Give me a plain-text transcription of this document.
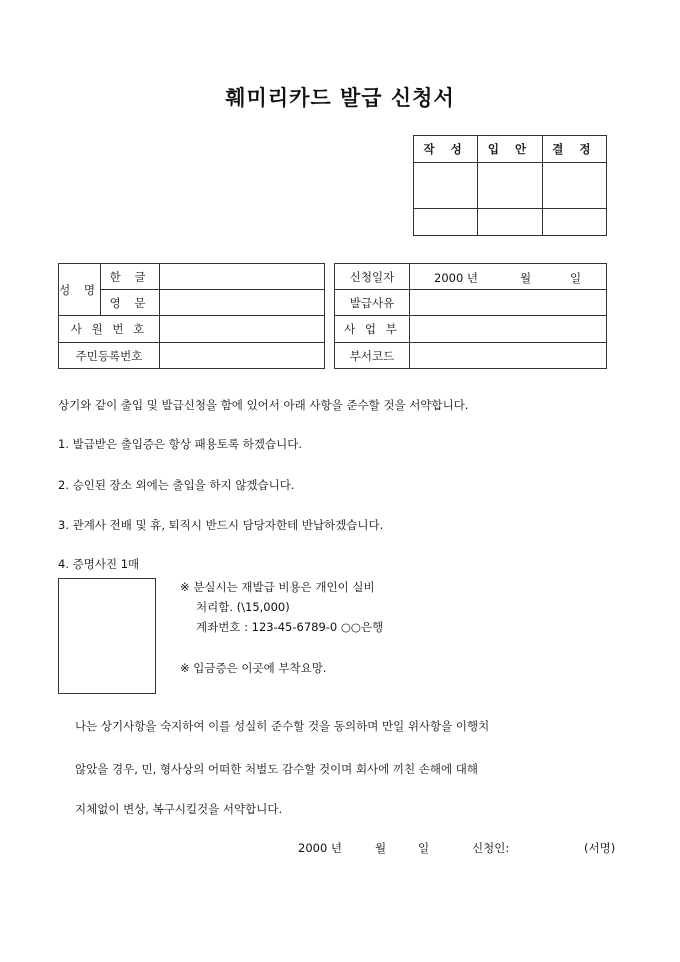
훼미리카드 발급 신청서
작 성	입 안	결 정

성 명	한 글	
	영 문	
사 원 번 호		
주민등록번호		
신청일자	2000 년 월 일

발급사유	
사 업 부	
부서코드	
상기와 같이 출입 및 발급신청을 함에 있어서 아래 사항을 준수할 것을 서약합니다.
1. 발급받은 출입증은 항상 패용토록 하겠습니다.
2. 승인된 장소 외에는 출입을 하지 않겠습니다.
3. 관계사 전배 및 휴, 퇴직시 반드시 담당자한테 반납하겠습니다.
4. 증명사진 1매
※ 분실시는 재발급 비용은 개인이 실비
처리함. (\15,000)
계좌번호 : 123-45-6789-0 ○○은행
※ 입금증은 이곳에 부착요망.
나는 상기사항을 숙지하여 이를 성실히 준수할 것을 동의하며 만일 위사항을 이행치
않았을 경우, 민, 형사상의 어떠한 처벌도 감수할 것이며 회사에 끼친 손해에 대해
지체없이 변상, 복구시킬것을 서약합니다.
2000 년	월	일	신청인:	(서명)
